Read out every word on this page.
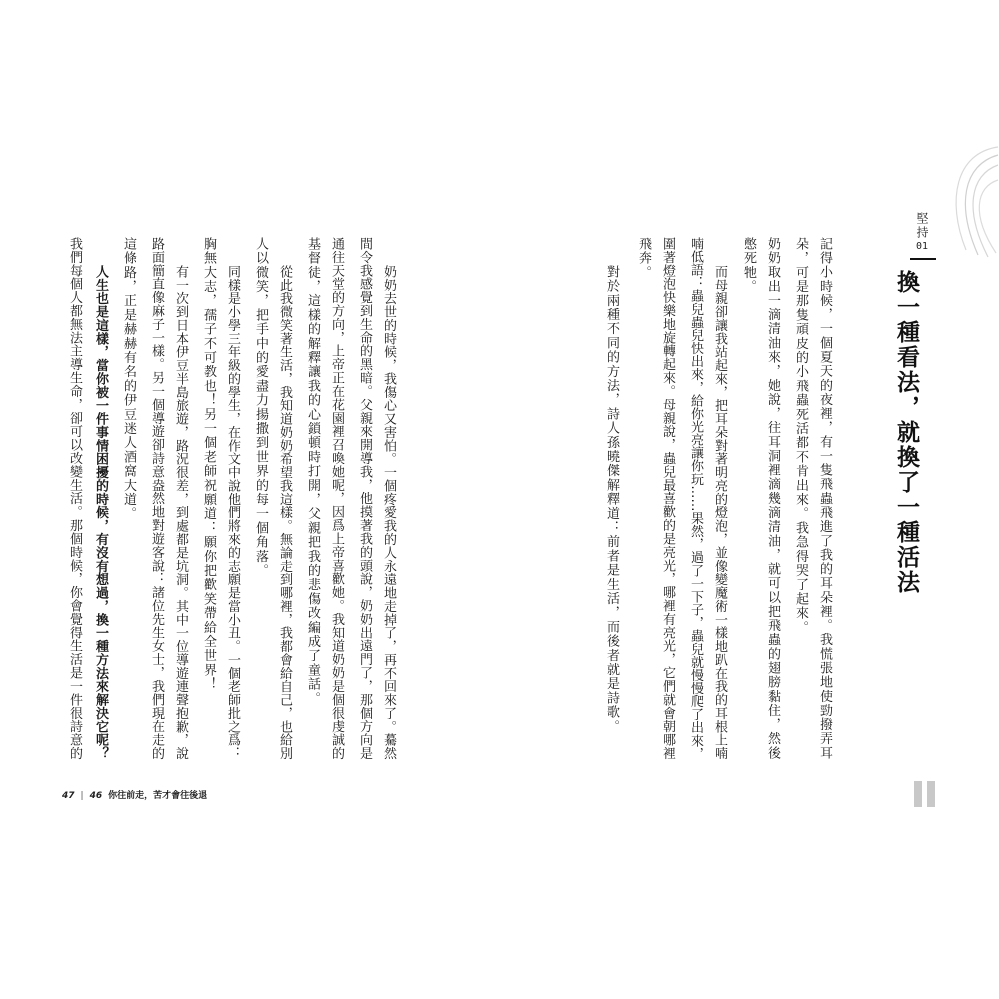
堅持
01
換一種看法，就換了一種活法
記得小時候，一個夏天的夜裡，有一隻飛蟲飛進了我的耳朵裡。我慌張地使勁撥弄耳
朵，可是那隻頑皮的小飛蟲死活都不肯出來。我急得哭了起來。
奶奶取出一滴清油來，她說，往耳洞裡滴幾滴清油，就可以把飛蟲的翅膀黏住，然後
憋死牠。
而母親卻讓我站起來，把耳朵對著明亮的燈泡，並像變魔術一樣地趴在我的耳根上喃
喃低語：蟲兒蟲兒快出來，給你光亮讓你玩……果然，過了一下子，蟲兒就慢慢爬了出來，
圍著燈泡快樂地旋轉起來。母親說，蟲兒最喜歡的是亮光，哪裡有亮光，它們就會朝哪裡
飛奔。
對於兩種不同的方法，詩人孫曉傑解釋道：前者是生活，而後者就是詩歌。
奶奶去世的時候，我傷心又害怕。一個疼愛我的人永遠地走掉了，再不回來了。驀然
間令我感覺到生命的黑暗。父親來開導我，他摸著我的頭說，奶奶出遠門了，那個方向是
通往天堂的方向，上帝正在花園裡召喚她呢，因爲上帝喜歡她。我知道奶奶是個很虔誠的
基督徒，這樣的解釋讓我的心鎖頓時打開，父親把我的悲傷改編成了童話。
從此我微笑著生活，我知道奶奶希望我這樣。無論走到哪裡，我都會給自己，也給別
人以微笑，把手中的愛盡力揚撒到世界的每一個角落。
同樣是小學三年級的學生，在作文中說他們將來的志願是當小丑。一個老師批之爲：
胸無大志，孺子不可教也！另一個老師祝願道：願你把歡笑帶給全世界！
有一次到日本伊豆半島旅遊，路況很差，到處都是坑洞。其中一位導遊連聲抱歉，說
路面簡直像麻子一樣。另一個導遊卻詩意盎然地對遊客說：諸位先生女士，我們現在走的
這條路，正是赫赫有名的伊豆迷人酒窩大道。
人生也是這樣，當你被一件事情困擾的時候，有沒有想過，換一種方法來解決它呢？
我們每個人都無法主導生命，卻可以改變生活。那個時候，你會覺得生活是一件很詩意的
47 | 46 你往前走，苦才會往後退
